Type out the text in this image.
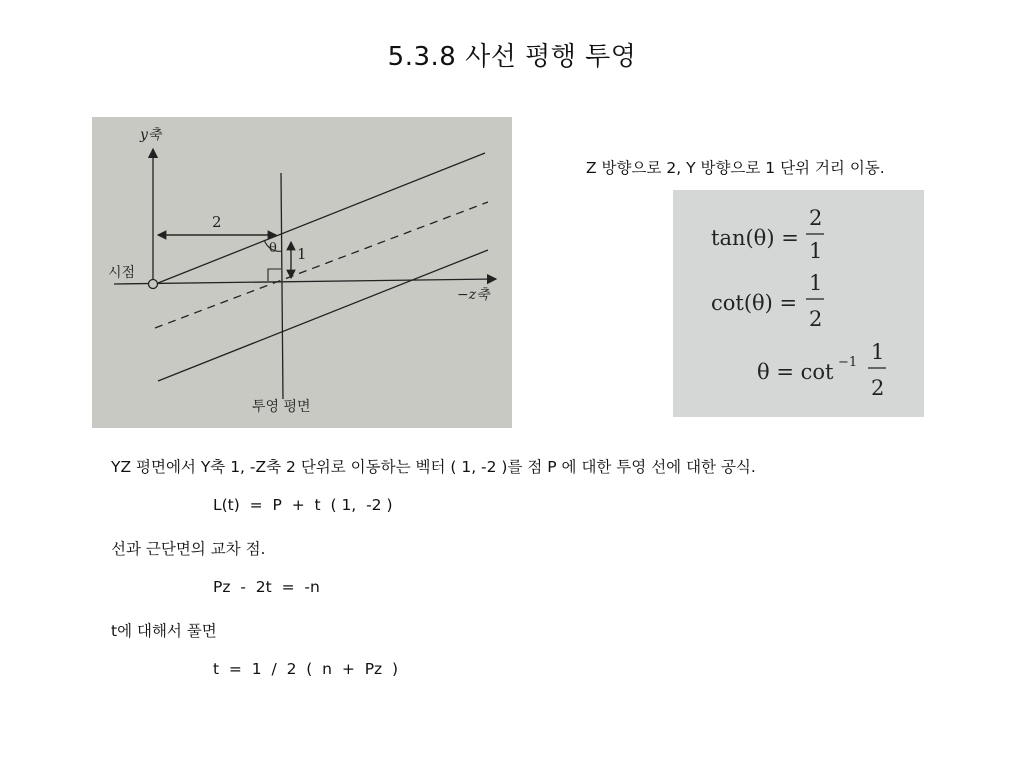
5.3.8 사선 평행 투영
y축
−z축
투영 평면
시점
2
1
θ
Z 방향으로 2, Y 방향으로 1 단위 거리 이동.
tan(θ) =
2
1
cot(θ) =
1
2
θ = cot −1 1
2
YZ 평면에서 Y축 1, -Z축 2 단위로 이동하는 벡터 ( 1, -2 )를 점 P 에 대한 투영 선에 대한 공식.
L(t)  =  P  +  t  ( 1,  -2 )
선과 근단면의 교차 점.
Pz  -  2t  =  -n
t에 대해서 풀면
t  =  1  /  2  (  n  +  Pz  )
